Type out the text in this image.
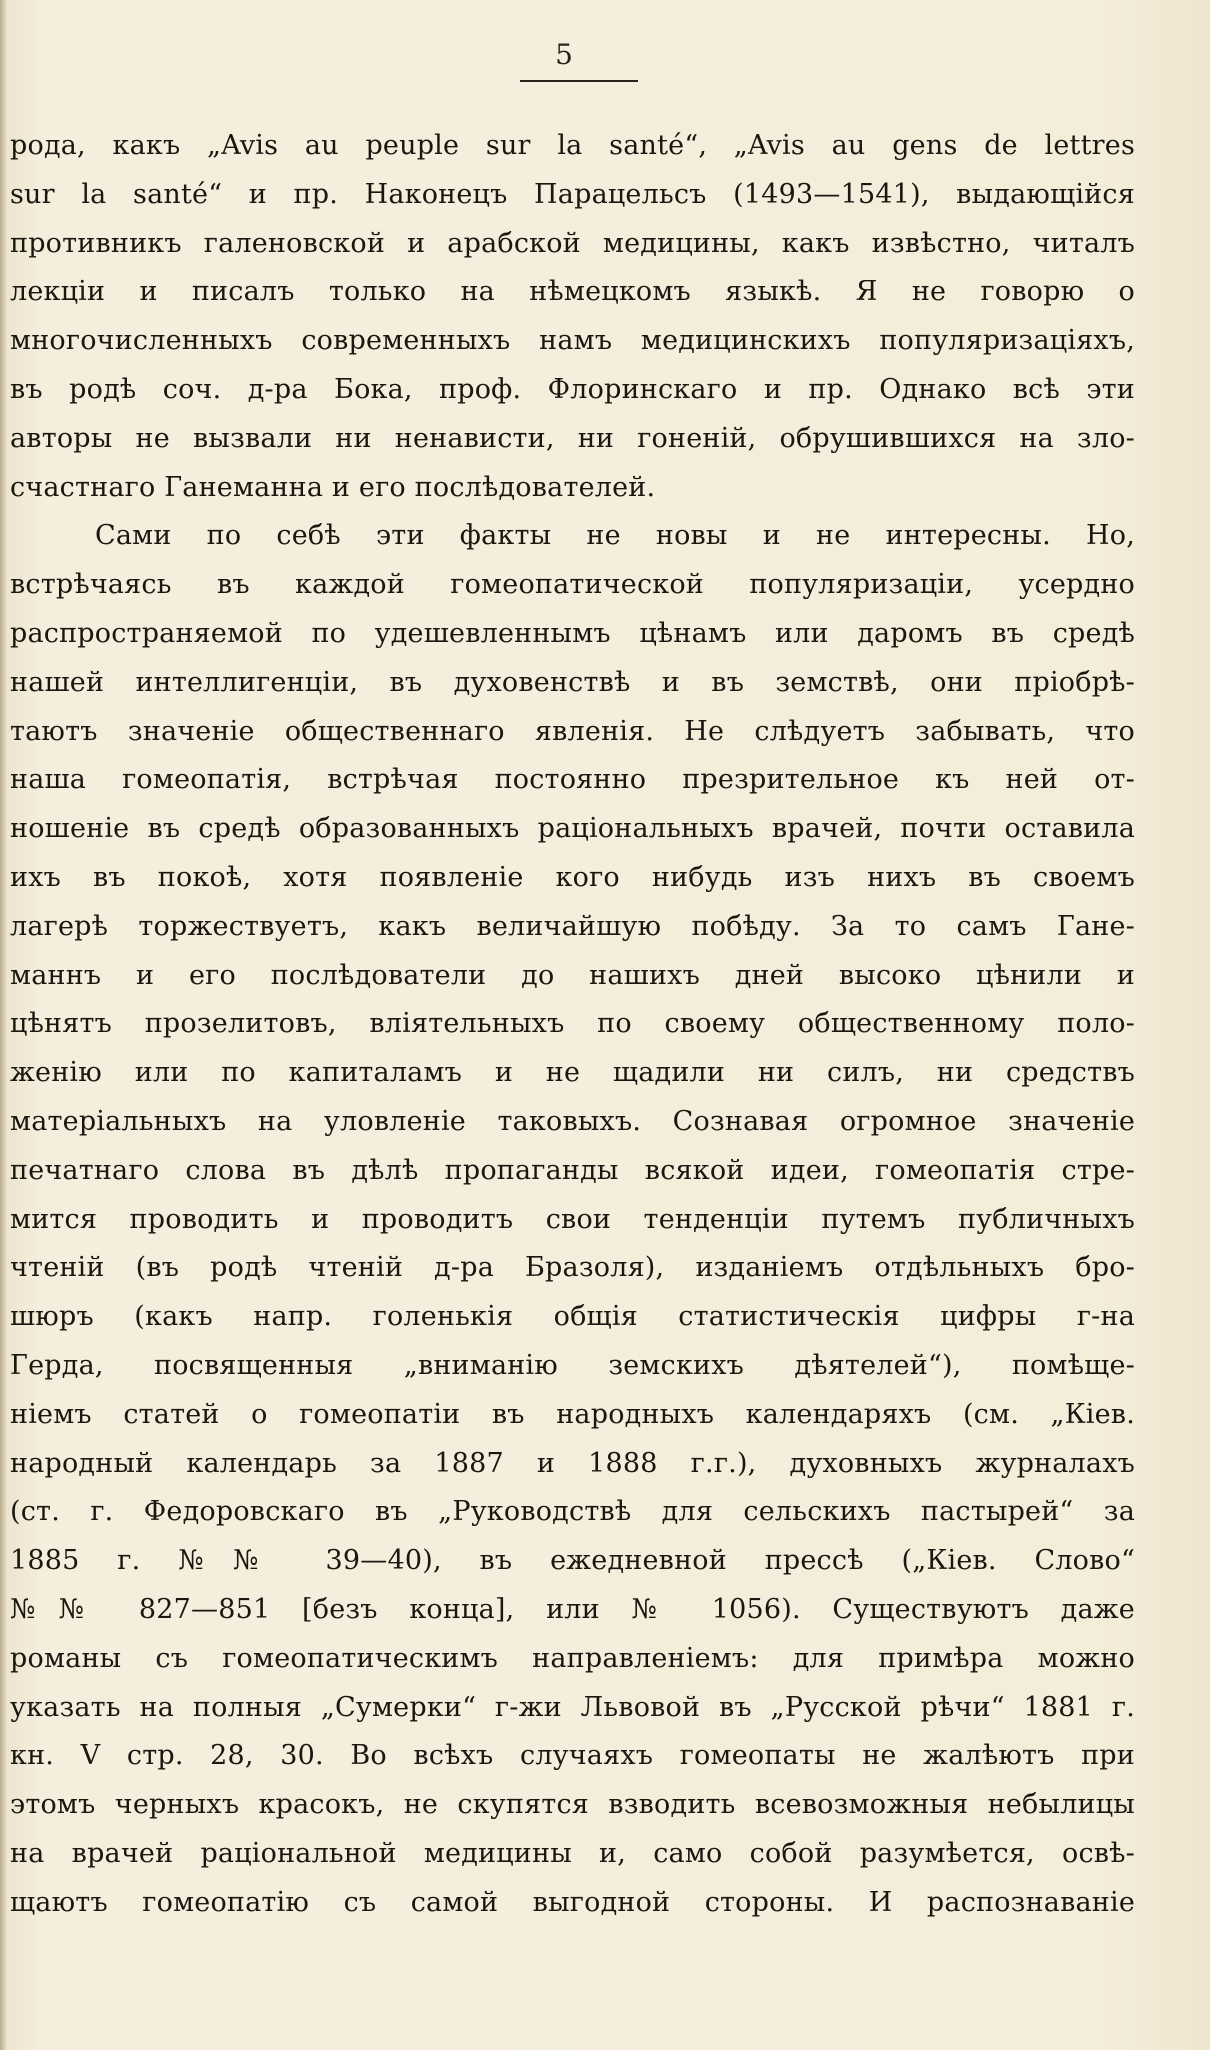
5
рода, какъ „Avis au peuple sur la santé“, „Avis au gens de lettres
sur la santé“ и пр. Наконецъ Парацельсъ (1493—1541), выдающійся
противникъ галеновской и арабской медицины, какъ извѣстно, читалъ
лекціи и писалъ только на нѣмецкомъ языкѣ. Я не говорю о
многочисленныхъ современныхъ намъ медицинскихъ популяризаціяхъ,
въ родѣ соч. д-ра Бока, проф. Флоринскаго и пр. Однако всѣ эти
авторы не вызвали ни ненависти, ни гоненій, обрушившихся на зло-
счастнаго Ганеманна и его послѣдователей.
Сами по себѣ эти факты не новы и не интересны. Но,
встрѣчаясь въ каждой гомеопатической популяризаціи, усердно
распространяемой по удешевленнымъ цѣнамъ или даромъ въ средѣ
нашей интеллигенціи, въ духовенствѣ и въ земствѣ, они пріобрѣ-
таютъ значеніе общественнаго явленія. Не слѣдуетъ забывать, что
наша гомеопатія, встрѣчая постоянно презрительное къ ней от-
ношеніе въ средѣ образованныхъ раціональныхъ врачей, почти оставила
ихъ въ покоѣ, хотя появленіе кого нибудь изъ нихъ въ своемъ
лагерѣ торжествуетъ, какъ величайшую побѣду. За то самъ Гане-
маннъ и его послѣдователи до нашихъ дней высоко цѣнили и
цѣнятъ прозелитовъ, вліятельныхъ по своему общественному поло-
женію или по капиталамъ и не щадили ни силъ, ни средствъ
матеріальныхъ на уловленіе таковыхъ. Сознавая огромное значеніе
печатнаго слова въ дѣлѣ пропаганды всякой идеи, гомеопатія стре-
мится проводить и проводитъ свои тенденціи путемъ публичныхъ
чтеній (въ родѣ чтеній д-ра Бразоля), изданіемъ отдѣльныхъ бро-
шюръ (какъ напр. голенькія общія статистическія цифры г-на
Герда, посвященныя „вниманію земскихъ дѣятелей“), помѣще-
ніемъ статей о гомеопатіи въ народныхъ календаряхъ (см. „Кіев.
народный календарь за 1887 и 1888 г.г.), духовныхъ журналахъ
(ст. г. Федоровскаго въ „Руководствѣ для сельскихъ пастырей“ за
1885 г. №№ 39—40), въ ежедневной прессѣ („Кіев. Слово“
№№ 827—851 [безъ конца], или № 1056). Существуютъ даже
романы съ гомеопатическимъ направленіемъ: для примѣра можно
указать на полныя „Сумерки“ г-жи Львовой въ „Русской рѣчи“ 1881 г.
кн. V стр. 28, 30. Во всѣхъ случаяхъ гомеопаты не жалѣютъ при
этомъ черныхъ красокъ, не скупятся взводить всевозможныя небылицы
на врачей раціональной медицины и, само собой разумѣется, освѣ-
щаютъ гомеопатію съ самой выгодной стороны. И распознаваніе
